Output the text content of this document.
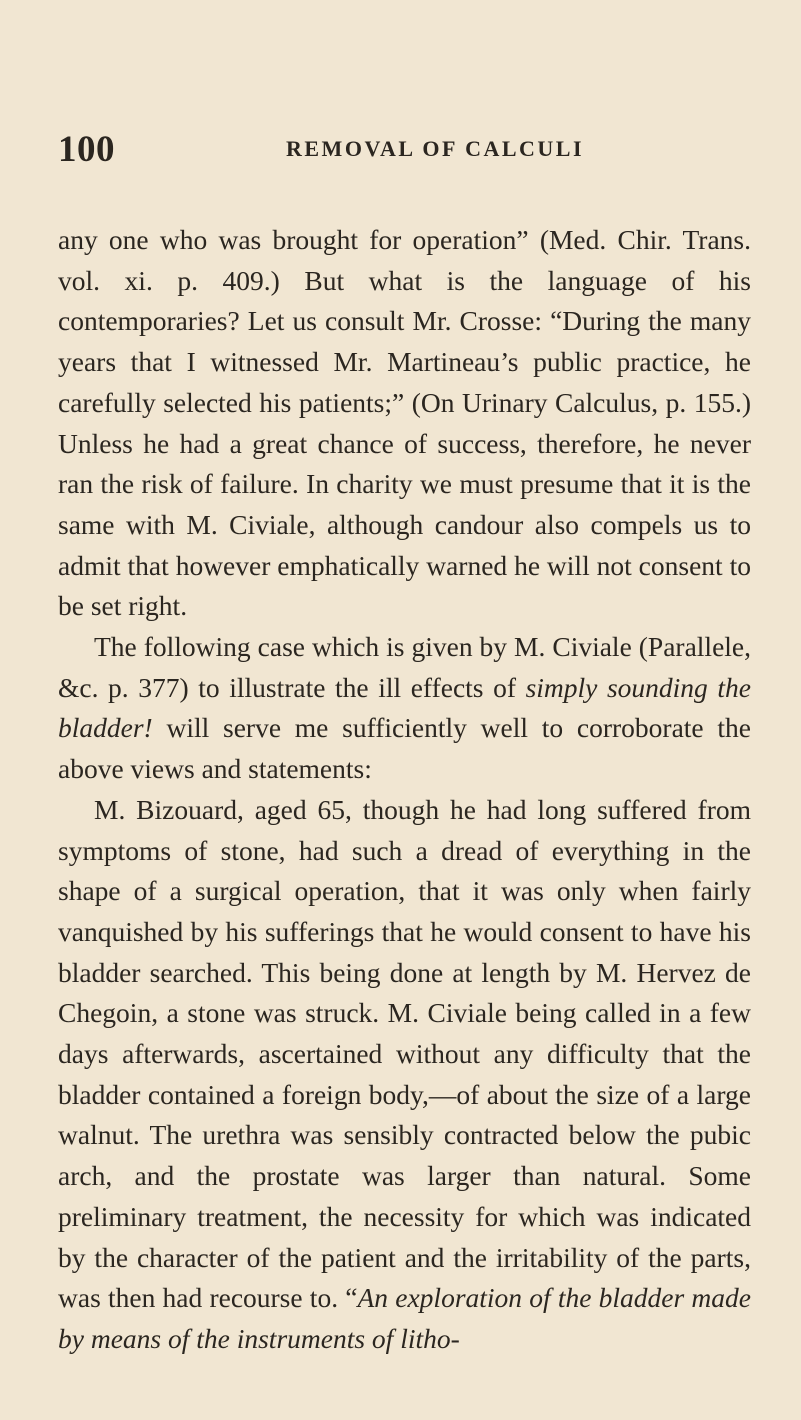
100	REMOVAL OF CALCULI

any one who was brought for operation” (Med. Chir. Trans. vol. xi. p. 409.) But what is the language of his contemporaries? Let us consult Mr. Crosse: “During the many years that I witnessed Mr. Martineau’s public practice, he carefully selected his patients;” (On Urinary Calculus, p. 155.) Unless he had a great chance of success, therefore, he never ran the risk of failure. In charity we must presume that it is the same with M. Civiale, although candour also compels us to admit that however emphatically warned he will not consent to be set right.

The following case which is given by M. Civiale (Parallele, &c. p. 377) to illustrate the ill effects of simply sounding the bladder! will serve me sufficiently well to corroborate the above views and statements:

M. Bizouard, aged 65, though he had long suffered from symptoms of stone, had such a dread of everything in the shape of a surgical operation, that it was only when fairly vanquished by his sufferings that he would consent to have his bladder searched. This being done at length by M. Hervez de Chegoin, a stone was struck. M. Civiale being called in a few days afterwards, ascertained without any difficulty that the bladder contained a foreign body,—of about the size of a large walnut. The urethra was sensibly contracted below the pubic arch, and the prostate was larger than natural. Some preliminary treatment, the necessity for which was indicated by the character of the patient and the irritability of the parts, was then had recourse to. “An exploration of the bladder made by means of the instruments of litho-
